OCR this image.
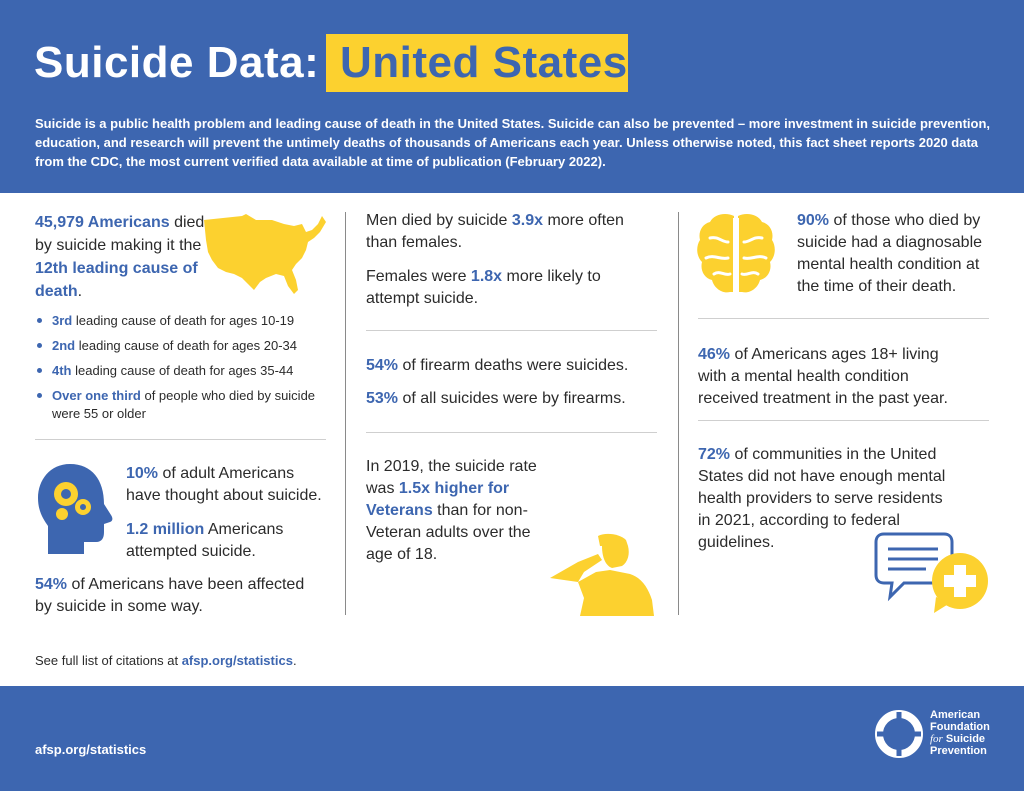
Suicide Data: United States
Suicide is a public health problem and leading cause of death in the United States. Suicide can also be prevented – more investment in suicide prevention, education, and research will prevent the untimely deaths of thousands of Americans each year. Unless otherwise noted, this fact sheet reports 2020 data from the CDC, the most current verified data available at time of publication (February 2022).
45,979 Americans died by suicide making it the 12th leading cause of death.
3rd leading cause of death for ages 10-19
2nd leading cause of death for ages 20-34
4th leading cause of death for ages 35-44
Over one third of people who died by suicide were 55 or older
10% of adult Americans have thought about suicide.
1.2 million Americans attempted suicide.
54% of Americans have been affected by suicide in some way.
See full list of citations at afsp.org/statistics.
Men died by suicide 3.9x more often than females.
Females were 1.8x more likely to attempt suicide.
54% of firearm deaths were suicides.
53% of all suicides were by firearms.
In 2019, the suicide rate was 1.5x higher for Veterans than for non-Veteran adults over the age of 18.
90% of those who died by suicide had a diagnosable mental health condition at the time of their death.
46% of Americans ages 18+ living with a mental health condition received treatment in the past year.
72% of communities in the United States did not have enough mental health providers to serve residents in 2021, according to federal guidelines.
afsp.org/statistics
American
Foundation
for Suicide
Prevention
